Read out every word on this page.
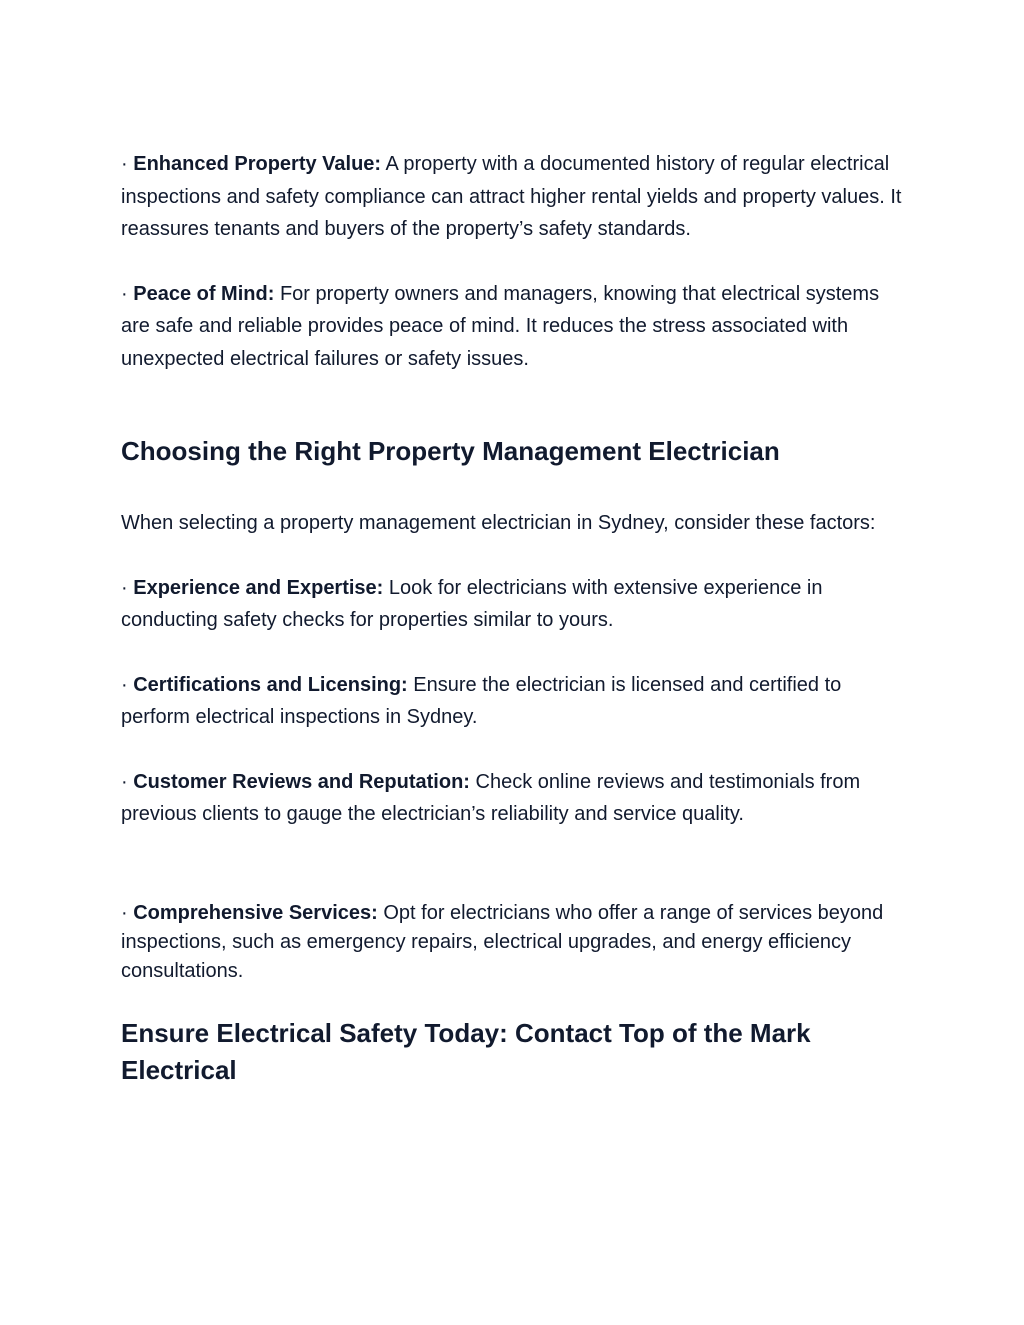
· Enhanced Property Value: A property with a documented history of regular electrical inspections and safety compliance can attract higher rental yields and property values. It reassures tenants and buyers of the property’s safety standards.

· Peace of Mind: For property owners and managers, knowing that electrical systems are safe and reliable provides peace of mind. It reduces the stress associated with unexpected electrical failures or safety issues.

Choosing the Right Property Management Electrician

When selecting a property management electrician in Sydney, consider these factors:

· Experience and Expertise: Look for electricians with extensive experience in conducting safety checks for properties similar to yours.

· Certifications and Licensing: Ensure the electrician is licensed and certified to perform electrical inspections in Sydney.

· Customer Reviews and Reputation: Check online reviews and testimonials from previous clients to gauge the electrician’s reliability and service quality.

· Comprehensive Services: Opt for electricians who offer a range of services beyond inspections, such as emergency repairs, electrical upgrades, and energy efficiency consultations.

Ensure Electrical Safety Today: Contact Top of the Mark Electrical
